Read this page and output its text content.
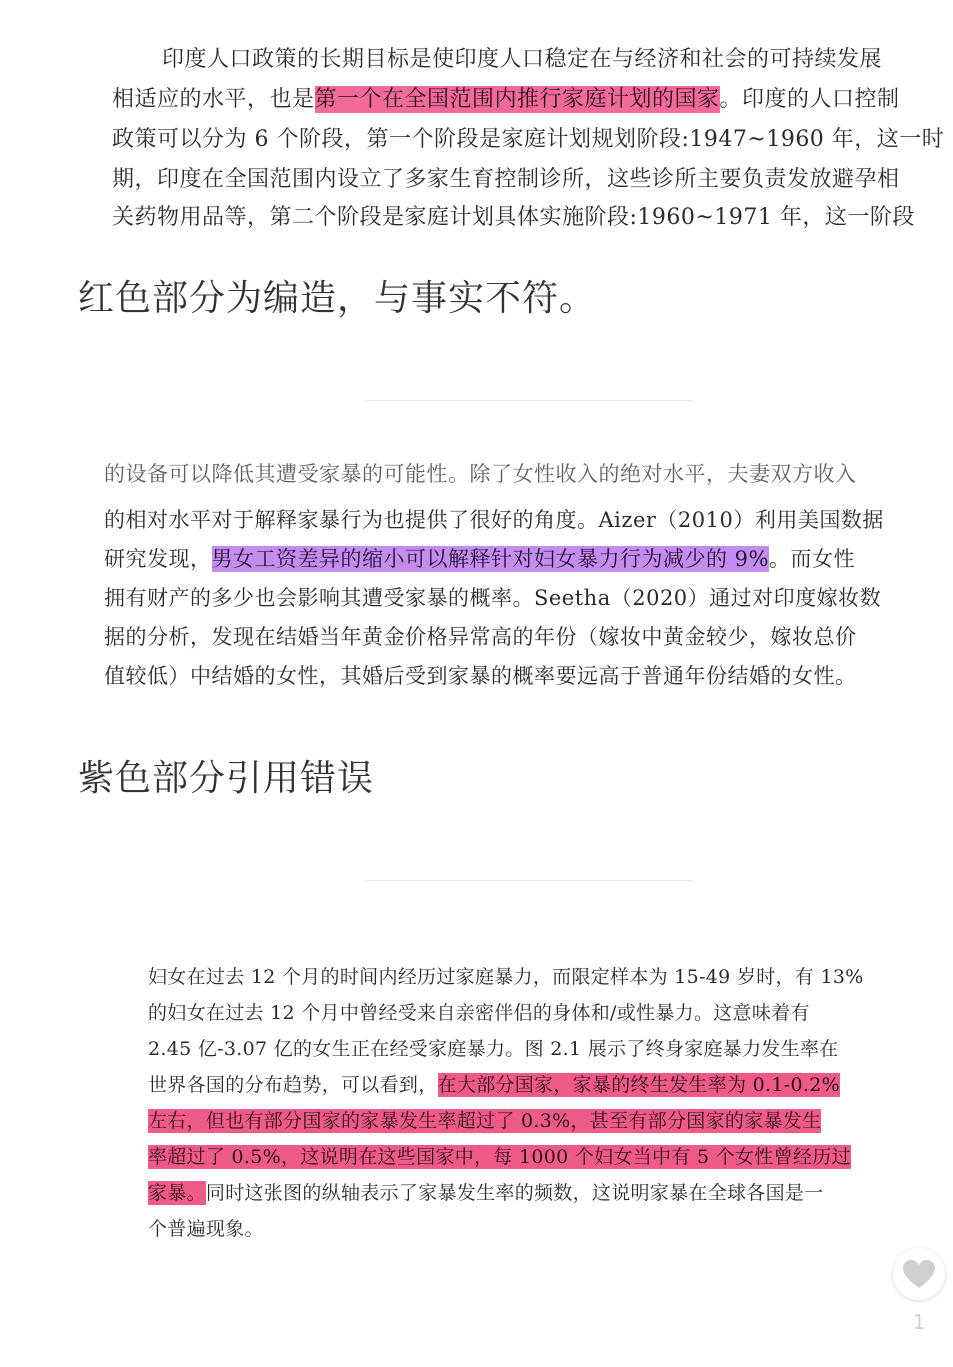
印度人口政策的长期目标是使印度人口稳定在与经济和社会的可持续发展
相适应的水平，也是第一个在全国范围内推行家庭计划的国家。印度的人口控制
政策可以分为 6 个阶段，第一个阶段是家庭计划规划阶段:1947~1960 年，这一时
期，印度在全国范围内设立了多家生育控制诊所，这些诊所主要负责发放避孕相
关药物用品等，第二个阶段是家庭计划具体实施阶段:1960~1971 年，这一阶段
红色部分为编造，与事实不符。
的设备可以降低其遭受家暴的可能性。除了女性收入的绝对水平，夫妻双方收入
的相对水平对于解释家暴行为也提供了很好的角度。Aizer（2010）利用美国数据
研究发现，男女工资差异的缩小可以解释针对妇女暴力行为减少的 9%。而女性
拥有财产的多少也会影响其遭受家暴的概率。Seetha（2020）通过对印度嫁妆数
据的分析，发现在结婚当年黄金价格异常高的年份（嫁妆中黄金较少，嫁妆总价
值较低）中结婚的女性，其婚后受到家暴的概率要远高于普通年份结婚的女性。
紫色部分引用错误
妇女在过去 12 个月的时间内经历过家庭暴力，而限定样本为 15-49 岁时，有 13%
的妇女在过去 12 个月中曾经受来自亲密伴侣的身体和/或性暴力。这意味着有
2.45 亿-3.07 亿的女生正在经受家庭暴力。图 2.1 展示了终身家庭暴力发生率在
世界各国的分布趋势，可以看到，在大部分国家，家暴的终生发生率为 0.1-0.2%
左右，但也有部分国家的家暴发生率超过了 0.3%，甚至有部分国家的家暴发生
率超过了 0.5%，这说明在这些国家中，每 1000 个妇女当中有 5 个女性曾经历过
家暴。同时这张图的纵轴表示了家暴发生率的频数，这说明家暴在全球各国是一
个普遍现象。
1
